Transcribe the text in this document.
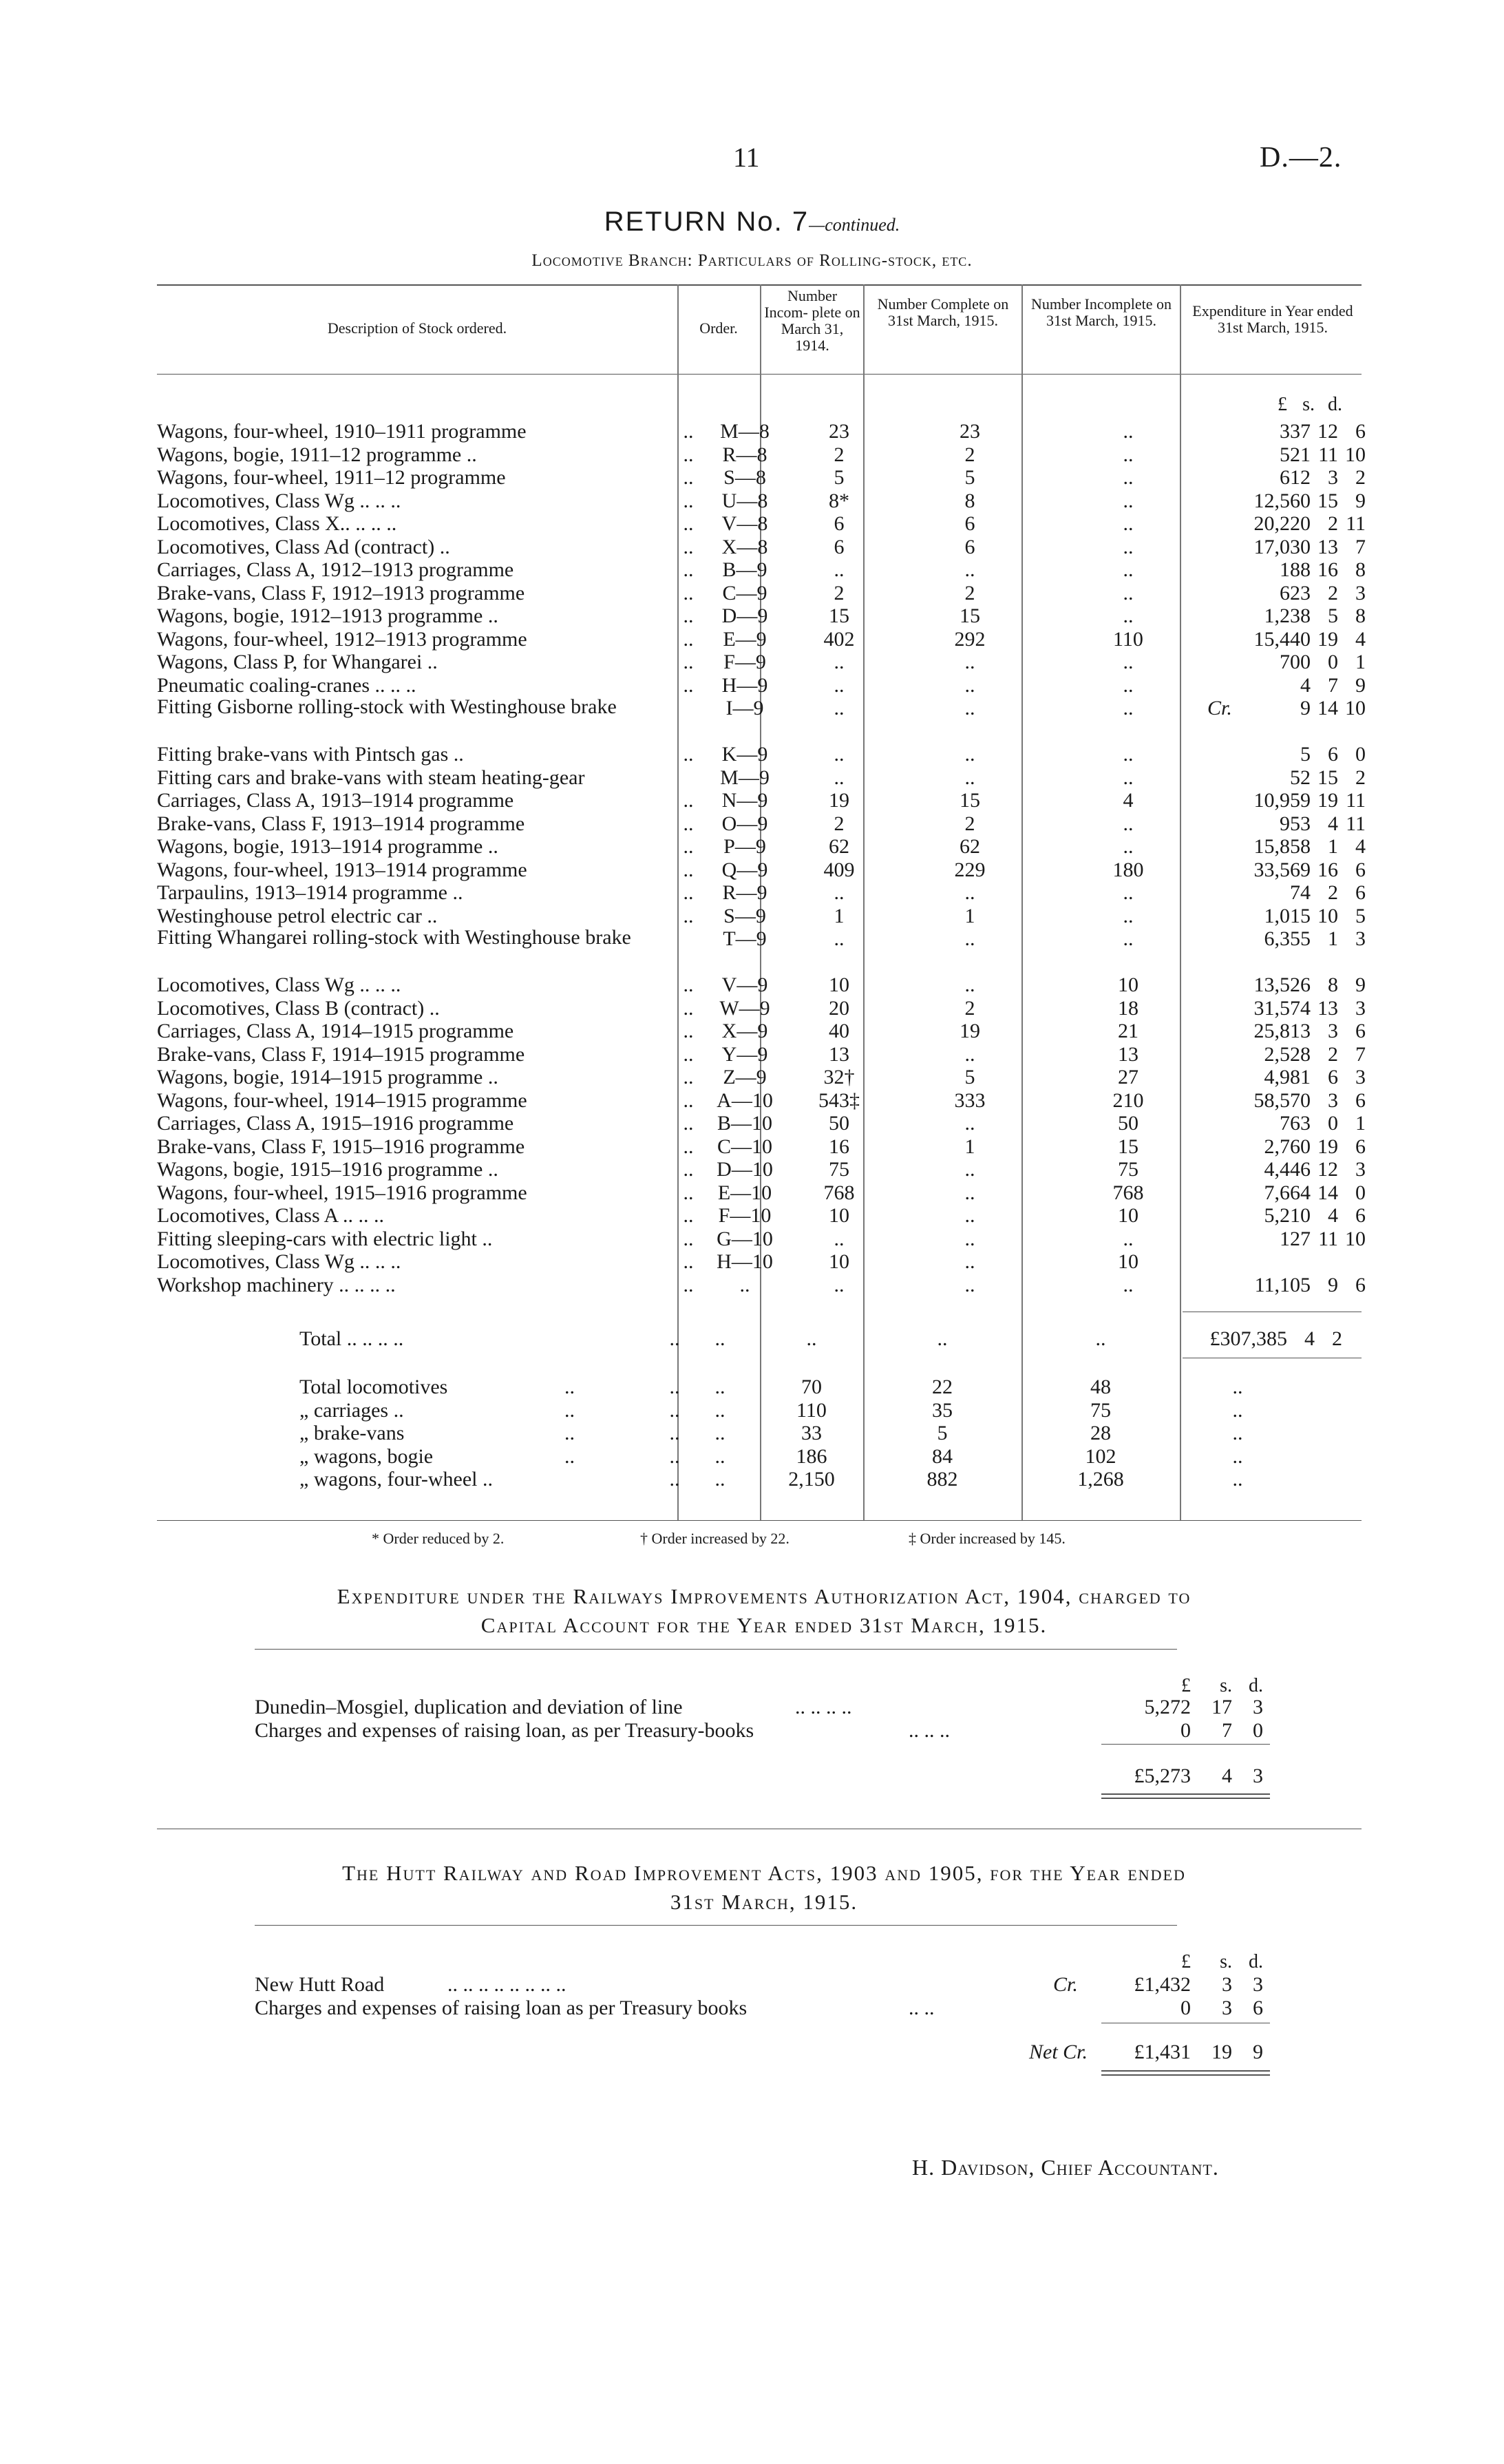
11	D.—2.
RETURN No. 7—continued.
Locomotive Branch: Particulars of Rolling-stock, etc.
Description of Stock ordered.	Order.
Number Incom- plete on March 31, 1914.
Number Complete on 31st March, 1915.
Number Incomplete on 31st March, 1915.
Expenditure in Year ended 31st March, 1915.
£ s. d.
Wagons, four-wheel, 1910–1911 programme	..	M—8	23	23	..	337 12 6

Wagons, bogie, 1911–12 programme ..	..	R—8	2	2	..	521 11 10

Wagons, four-wheel, 1911–12 programme	..	S—8	5	5	..	612 3 2

Locomotives, Class Wg .. .. ..	..	U—8	8*	8	..	12,560 15 9

Locomotives, Class X.. .. .. ..	..	V—8	6	6	..	20,220 2 11

Locomotives, Class Ad (contract) ..	..	X—8	6	6	..	17,030 13 7

Carriages, Class A, 1912–1913 programme	..	B—9	..	..	..	188 16 8

Brake-vans, Class F, 1912–1913 programme	..	C—9	2	2	..	623 2 3

Wagons, bogie, 1912–1913 programme ..	..	D—9	15	15	..	1,238 5 8

Wagons, four-wheel, 1912–1913 programme	..	E—9	402	292	110	15,440 19 4

Wagons, Class P, for Whangarei ..	..	F—9	..	..	..	700 0 1

Pneumatic coaling-cranes .. .. ..	..	H—9	..	..	..	4 7 9

Fitting Gisborne rolling-stock with Westinghouse brake		I—9	..	..	..	Cr. 9 14 10

Fitting brake-vans with Pintsch gas ..	..	K—9	..	..	..	5 6 0

Fitting cars and brake-vans with steam heating-gear		M—9	..	..	..	52 15 2

Carriages, Class A, 1913–1914 programme	..	N—9	19	15	4	10,959 19 11

Brake-vans, Class F, 1913–1914 programme	..	O—9	2	2	..	953 4 11

Wagons, bogie, 1913–1914 programme ..	..	P—9	62	62	..	15,858 1 4

Wagons, four-wheel, 1913–1914 programme	..	Q—9	409	229	180	33,569 16 6

Tarpaulins, 1913–1914 programme ..	..	R—9	..	..	..	74 2 6

Westinghouse petrol electric car ..	..	S—9	1	1	..	1,015 10 5

Fitting Whangarei rolling-stock with Westinghouse brake		T—9	..	..	..	6,355 1 3

Locomotives, Class Wg .. .. ..	..	V—9	10	..	10	13,526 8 9

Locomotives, Class B (contract) ..	..	W—9	20	2	18	31,574 13 3

Carriages, Class A, 1914–1915 programme	..	X—9	40	19	21	25,813 3 6

Brake-vans, Class F, 1914–1915 programme	..	Y—9	13	..	13	2,528 2 7

Wagons, bogie, 1914–1915 programme ..	..	Z—9	32†	5	27	4,981 6 3

Wagons, four-wheel, 1914–1915 programme	..	A—10	543‡	333	210	58,570 3 6

Carriages, Class A, 1915–1916 programme	..	B—10	50	..	50	763 0 1

Brake-vans, Class F, 1915–1916 programme	..	C—10	16	1	15	2,760 19 6

Wagons, bogie, 1915–1916 programme ..	..	D—10	75	..	75	4,446 12 3

Wagons, four-wheel, 1915–1916 programme	..	E—10	768	..	768	7,664 14 0

Locomotives, Class A .. .. ..	..	F—10	10	..	10	5,210 4 6

Fitting sleeping-cars with electric light ..	..	G—10	..	..	..	127 11 10

Locomotives, Class Wg .. .. ..	..	H—10	10	..	10	

Workshop machinery .. .. .. ..	..	..	..	..	..	11,105 9 6
Total .. .. .. ..	..	..	..	..	..	£307,385 4 2
Total locomotives	..	..	..	70	22	48	..
„ carriages ..	..	..	..	110	35	75	..
„ brake-vans	..	..	..	33	5	28	..
„ wagons, bogie	..	..	..	186	84	102	..
„ wagons, four-wheel ..	..	..	2,150	882	1,268	..
* Order reduced by 2.	† Order increased by 22.	‡ Order increased by 145.
Expenditure under the Railways Improvements Authorization Act, 1904, charged to
Capital Account for the Year ended 31st March, 1915.
£	s. d.
Dunedin–Mosgiel, duplication and deviation of line	.. .. .. ..	5,272	17	3
Charges and expenses of raising loan, as per Treasury-books	.. .. ..	0	7	0
£5,273	4	3
The Hutt Railway and Road Improvement Acts, 1903 and 1905, for the Year ended
31st March, 1915.
£	s. d.
New Hutt Road	.. .. .. .. .. .. .. ..	Cr.	£1,432	3	3
Charges and expenses of raising loan as per Treasury books	.. ..	0	3	6
Net Cr.	£1,431	19	9
H. Davidson, Chief Accountant.
